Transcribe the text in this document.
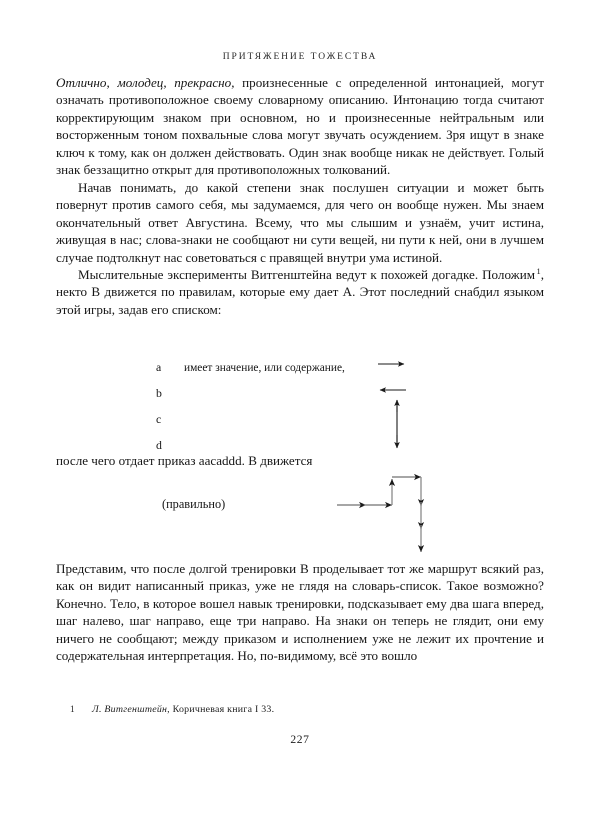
ПРИТЯЖЕНИЕ ТОЖЕСТВА

Отлично, молодец, прекрасно, произнесенные с определенной интонацией, могут означать противоположное своему словарному описанию. Интонацию тогда считают корректирующим знаком при основном, но и произнесенные нейтральным или восторженным тоном похвальные слова могут звучать осуждением. Зря ищут в знаке ключ к тому, как он должен действовать. Один знак вообще никак не действует. Голый знак беззащитно открыт для противоположных толкований.

Начав понимать, до какой степени знак послушен ситуации и может быть повернут против самого себя, мы задумаемся, для чего он вообще нужен. Мы знаем окончательный ответ Августина. Всему, что мы слышим и узнаём, учит истина, живущая в нас; слова-знаки не сообщают ни сути вещей, ни пути к ней, они в лучшем случае подтолкнут нас советоваться с правящей внутри ума истиной.

Мыслительные эксперименты Витгенштейна ведут к похожей догадке. Положим $^1$, некто B движется по правилам, которые ему дает A. Этот последний снабдил языком этой игры, задав его списком:

a имеет значение, или содержание,
b
c
d
после чего отдает приказ aacaddd. B движется
(правильно)

Представим, что после долгой тренировки B проделывает тот же маршрут всякий раз, как он видит написанный приказ, уже не глядя на словарь-список. Такое возможно? Конечно. Тело, в которое вошел навык тренировки, подсказывает ему два шага вперед, шаг налево, шаг направо, еще три направо. На знаки он теперь не глядит, они ему ничего не сообщают; между приказом и исполнением уже не лежит их прочтение и содержательная интерпретация. Но, по-видимому, всё это вошло

1 Л. Витгенштейн, Коричневая книга I 33.
227
